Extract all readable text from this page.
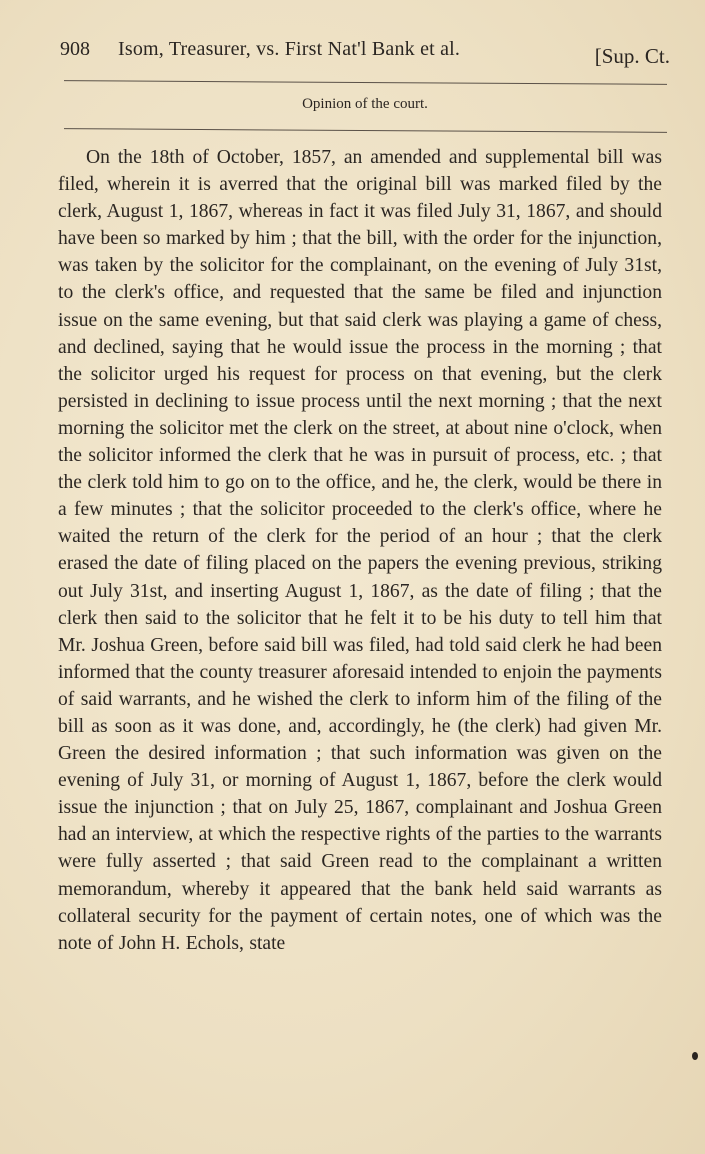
908 Isom, Treasurer, vs. First Nat'l Bank et al.	[Sup. Ct.
Opinion of the court.

On the 18th of October, 1857, an amended and supplemental bill was filed, wherein it is averred that the original bill was marked filed by the clerk, August 1, 1867, whereas in fact it was filed July 31, 1867, and should have been so marked by him ; that the bill, with the order for the injunction, was taken by the solicitor for the complainant, on the evening of July 31st, to the clerk's office, and requested that the same be filed and injunction issue on the same evening, but that said clerk was playing a game of chess, and declined, saying that he would issue the process in the morning ; that the solicitor urged his request for process on that evening, but the clerk persisted in declining to issue process until the next morning ; that the next morning the solicitor met the clerk on the street, at about nine o'clock, when the solicitor informed the clerk that he was in pursuit of process, etc. ; that the clerk told him to go on to the office, and he, the clerk, would be there in a few minutes ; that the solicitor proceeded to the clerk's office, where he waited the return of the clerk for the period of an hour ; that the clerk erased the date of filing placed on the papers the evening previous, striking out July 31st, and inserting August 1, 1867, as the date of filing ; that the clerk then said to the solicitor that he felt it to be his duty to tell him that Mr. Joshua Green, before said bill was filed, had told said clerk he had been informed that the county treasurer aforesaid intended to enjoin the payments of said warrants, and he wished the clerk to inform him of the filing of the bill as soon as it was done, and, accordingly, he (the clerk) had given Mr. Green the desired information ; that such information was given on the evening of July 31, or morning of August 1, 1867, before the clerk would issue the injunction ; that on July 25, 1867, complainant and Joshua Green had an interview, at which the respective rights of the parties to the warrants were fully asserted ; that said Green read to the complainant a written memorandum, whereby it appeared that the bank held said warrants as collateral security for the payment of certain notes, one of which was the note of John H. Echols, state
